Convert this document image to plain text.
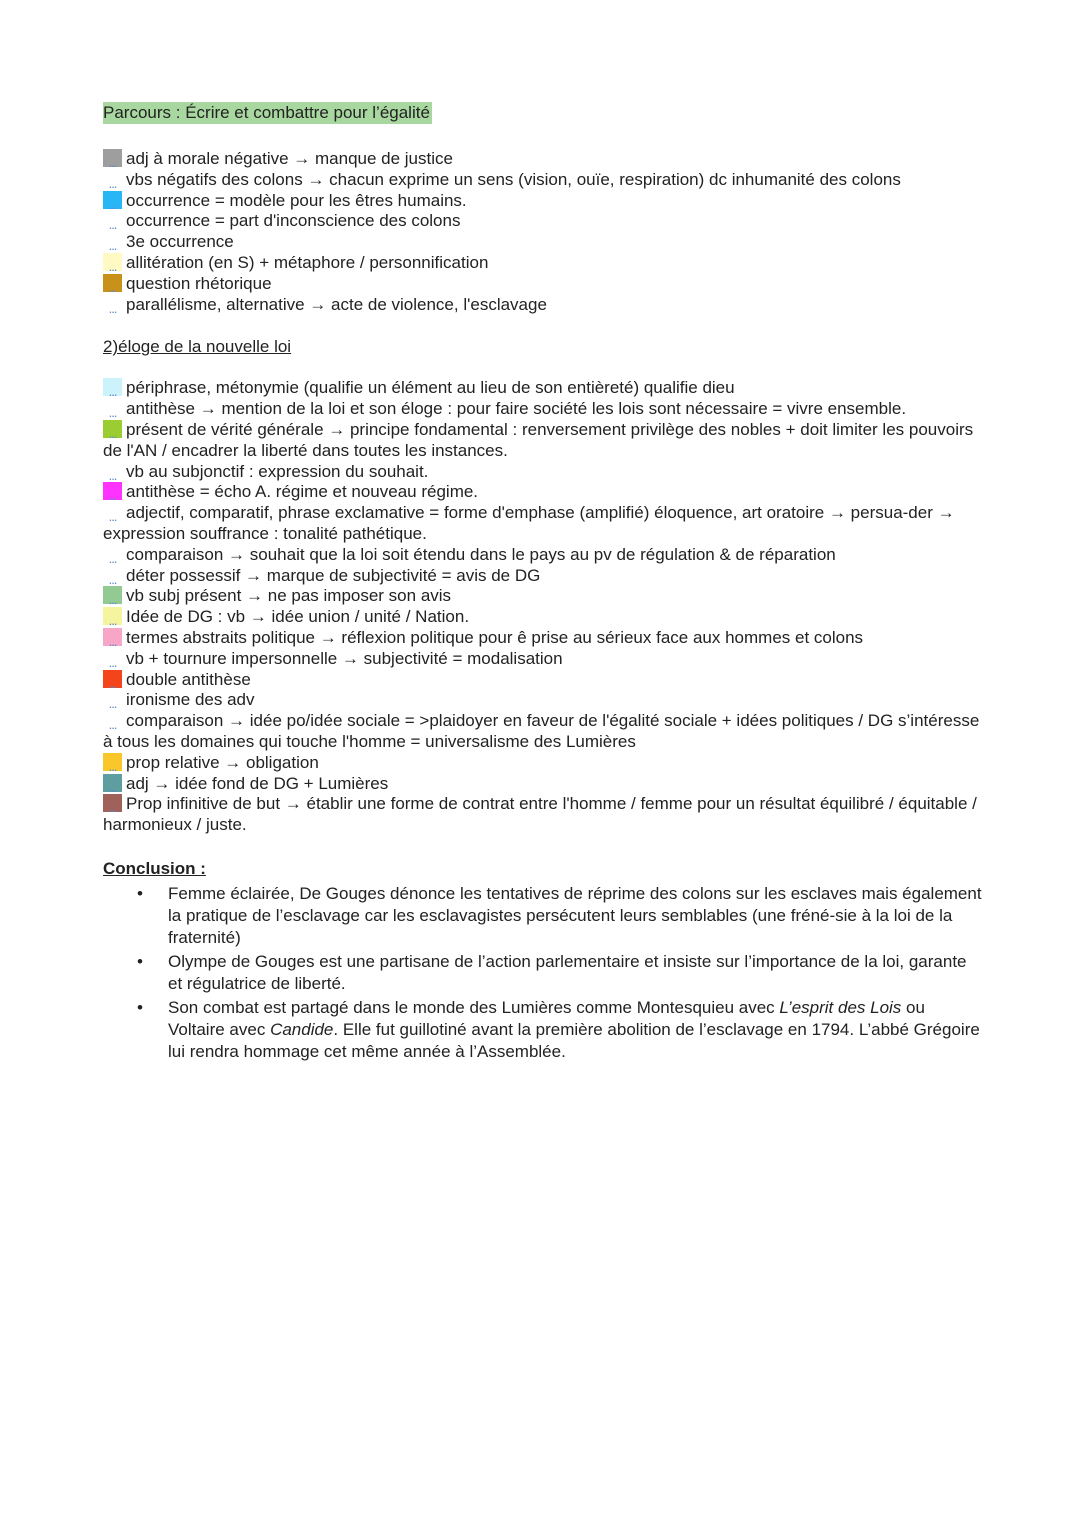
Parcours : Écrire et combattre pour l’égalité
... adj à morale négative → manque de justice
... vbs négatifs des colons → chacun exprime un sens (vision, ouïe, respiration) dc inhumanité des colons
... occurrence = modèle pour les êtres humains.
... occurrence = part d'inconscience des colons
... 3e occurrence
... allitération (en S) + métaphore / personnification
... question rhétorique
... parallélisme, alternative → acte de violence, l'esclavage
2)éloge de la nouvelle loi
... périphrase, métonymie (qualifie un élément au lieu de son entièreté) qualifie dieu
... antithèse → mention de la loi et son éloge : pour faire société les lois sont nécessaire = vivre ensemble.
... présent de vérité générale → principe fondamental : renversement privilège des nobles + doit limiter les pouvoirs de l'AN / encadrer la liberté dans toutes les instances.
... vb au subjonctif : expression du souhait.
... antithèse = écho A. régime et nouveau régime.
... adjectif, comparatif, phrase exclamative = forme d'emphase (amplifié) éloquence, art oratoire → persua-der → expression souffrance : tonalité pathétique.
... comparaison → souhait que la loi soit étendu dans le pays au pv de régulation & de réparation
... déter possessif → marque de subjectivité = avis de DG
... vb subj présent → ne pas imposer son avis
... Idée de DG : vb → idée union / unité / Nation.
... termes abstraits politique → réflexion politique pour ê prise au sérieux face aux hommes et colons
... vb + tournure impersonnelle → subjectivité = modalisation
... double antithèse
... ironisme des adv
... comparaison → idée po/idée sociale = >plaidoyer en faveur de l'égalité sociale + idées politiques / DG s’intéresse à tous les domaines qui touche l'homme = universalisme des Lumières
... prop relative → obligation
... adj → idée fond de DG + Lumières
... Prop infinitive de but → établir une forme de contrat entre l'homme / femme pour un résultat équilibré / équitable / harmonieux / juste.
Conclusion :
• Femme éclairée, De Gouges dénonce les tentatives de réprime des colons sur les esclaves mais également la pratique de l’esclavage car les esclavagistes persécutent leurs semblables (une fréné-sie à la loi de la fraternité)
• Olympe de Gouges est une partisane de l’action parlementaire et insiste sur l’importance de la loi, garante et régulatrice de liberté.
• Son combat est partagé dans le monde des Lumières comme Montesquieu avec L’esprit des Lois ou Voltaire avec Candide. Elle fut guillotiné avant la première abolition de l’esclavage en 1794. L’abbé Grégoire lui rendra hommage cet même année à l’Assemblée.
